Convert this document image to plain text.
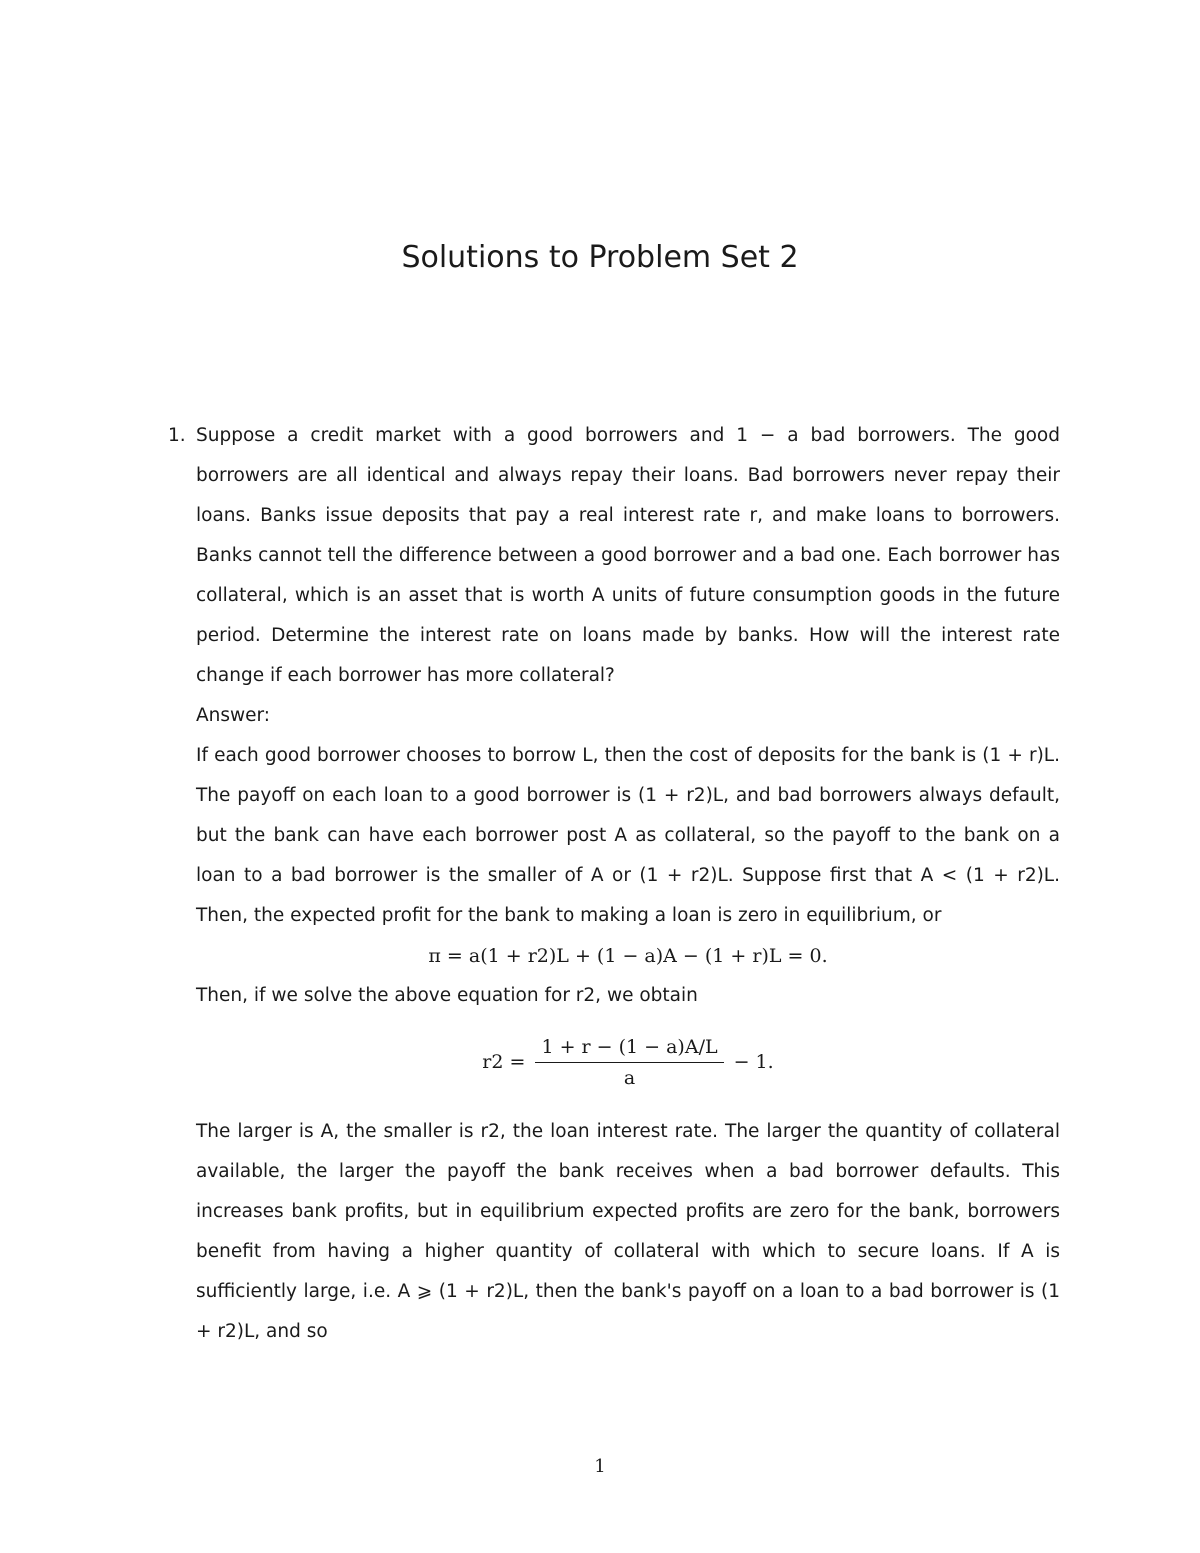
Solutions to Problem Set 2
1. Suppose a credit market with a good borrowers and 1 − a bad borrowers. The good borrowers are all identical and always repay their loans. Bad borrowers never repay their loans. Banks issue deposits that pay a real interest rate r, and make loans to borrowers. Banks cannot tell the difference between a good borrower and a bad one. Each borrower has collateral, which is an asset that is worth A units of future consumption goods in the future period. Determine the interest rate on loans made by banks. How will the interest rate change if each borrower has more collateral?

Answer:

If each good borrower chooses to borrow L, then the cost of deposits for the bank is (1 + r)L. The payoff on each loan to a good borrower is (1 + r2)L, and bad borrowers always default, but the bank can have each borrower post A as collateral, so the payoff to the bank on a loan to a bad borrower is the smaller of A or (1 + r2)L. Suppose first that A < (1 + r2)L. Then, the expected profit for the bank to making a loan is zero in equilibrium, or

π = a(1 + r2)L + (1 − a)A − (1 + r)L = 0.

Then, if we solve the above equation for r2, we obtain

$r2 = \frac{1 + r - (1 - a)A/L}{a} - 1$.

The larger is A, the smaller is r2, the loan interest rate. The larger the quantity of collateral available, the larger the payoff the bank receives when a bad borrower defaults. This increases bank profits, but in equilibrium expected profits are zero for the bank, borrowers benefit from having a higher quantity of collateral with which to secure loans. If A is sufficiently large, i.e. A ⩾ (1 + r2)L, then the bank's payoff on a loan to a bad borrower is (1 + r2)L, and so

1
